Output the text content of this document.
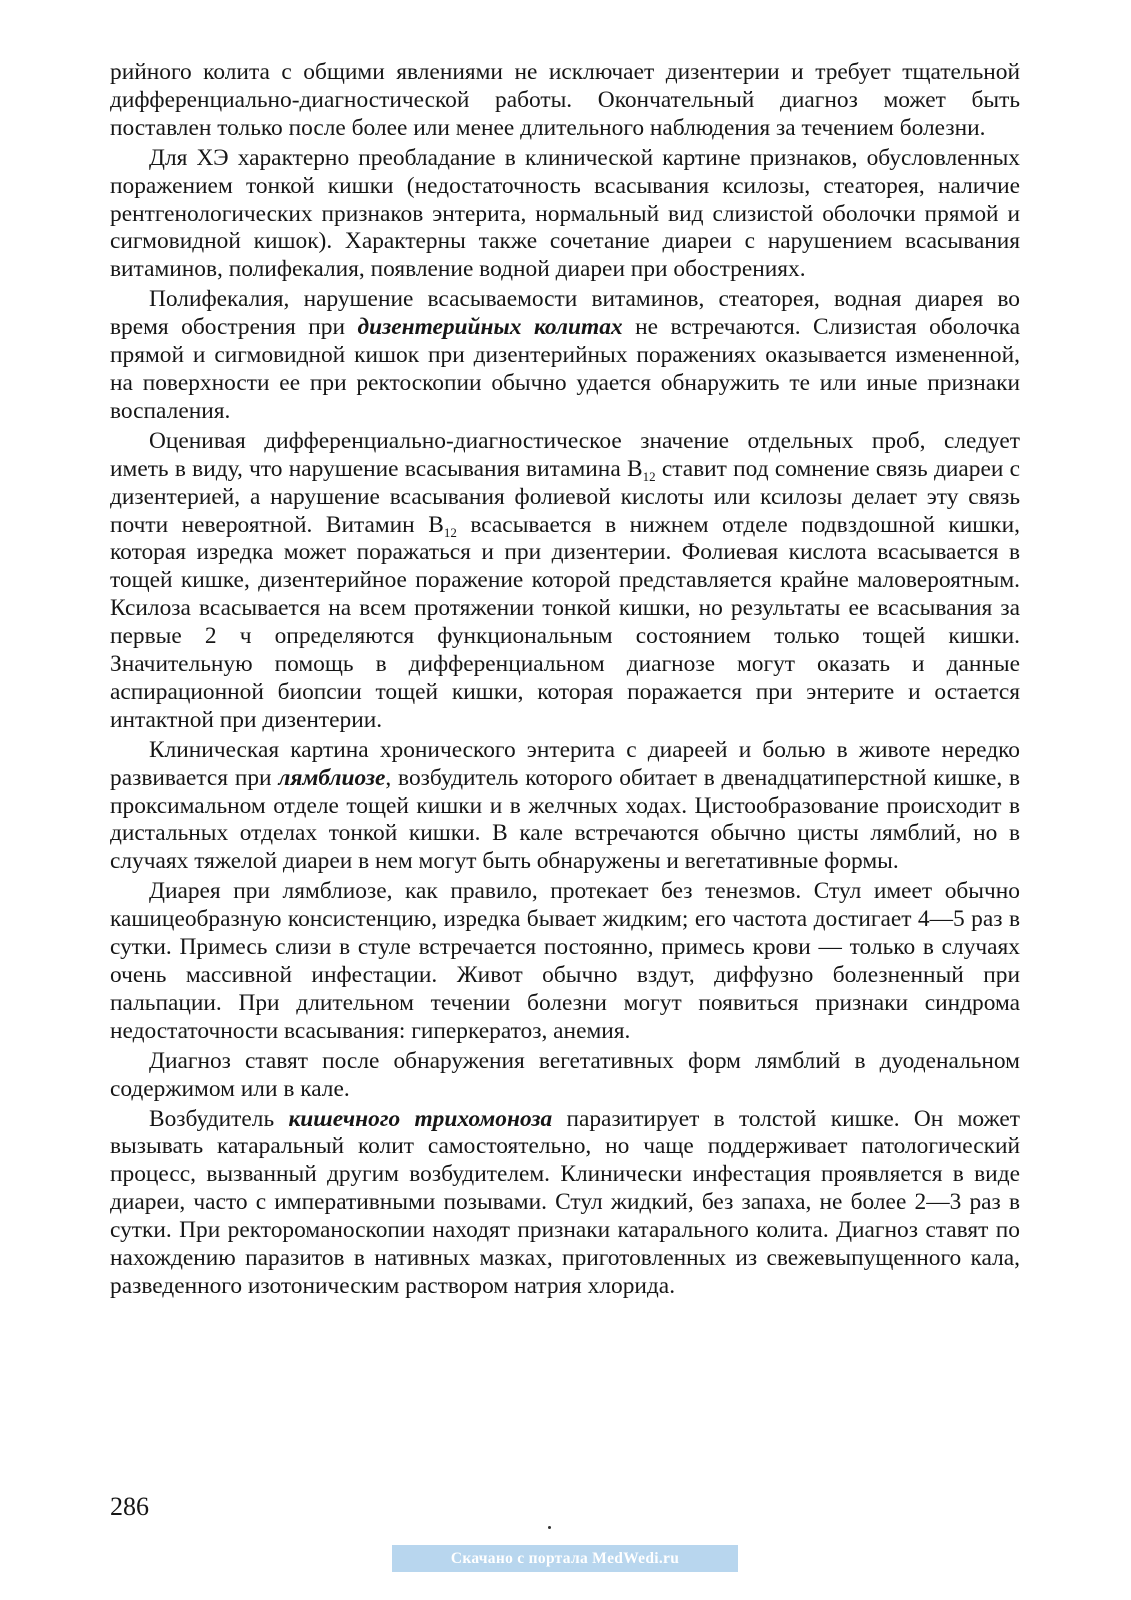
рийного колита с общими явлениями не исключает дизентерии и требует тщательной дифференциально-диагностической работы. Окончательный диагноз может быть поставлен только после более или менее длительного наблюдения за течением болезни.

Для ХЭ характерно преобладание в клинической картине признаков, обусловленных поражением тонкой кишки (недостаточность всасывания ксилозы, стеаторея, наличие рентгенологических признаков энтерита, нормальный вид слизистой оболочки прямой и сигмовидной кишок). Характерны также сочетание диареи с нарушением всасывания витаминов, полифекалия, появление водной диареи при обострениях.

Полифекалия, нарушение всасываемости витаминов, стеаторея, водная диарея во время обострения при дизентерийных колитах не встречаются. Слизистая оболочка прямой и сигмовидной кишок при дизентерийных поражениях оказывается измененной, на поверхности ее при ректоскопии обычно удается обнаружить те или иные признаки воспаления.

Оценивая дифференциально-диагностическое значение отдельных проб, следует иметь в виду, что нарушение всасывания витамина $В_{12}$ ставит под сомнение связь диареи с дизентерией, а нарушение всасывания фолиевой кислоты или ксилозы делает эту связь почти невероятной. Витамин $В_{12}$ всасывается в нижнем отделе подвздошной кишки, которая изредка может поражаться и при дизентерии. Фолиевая кислота всасывается в тощей кишке, дизентерийное поражение которой представляется крайне маловероятным. Ксилоза всасывается на всем протяжении тонкой кишки, но результаты ее всасывания за первые 2 ч определяются функциональным состоянием только тощей кишки. Значительную помощь в дифференциальном диагнозе могут оказать и данные аспирационной биопсии тощей кишки, которая поражается при энтерите и остается интактной при дизентерии.

Клиническая картина хронического энтерита с диареей и болью в животе нередко развивается при лямблиозе, возбудитель которого обитает в двенадцатиперстной кишке, в проксимальном отделе тощей кишки и в желчных ходах. Цистообразование происходит в дистальных отделах тонкой кишки. В кале встречаются обычно цисты лямблий, но в случаях тяжелой диареи в нем могут быть обнаружены и вегетативные формы.

Диарея при лямблиозе, как правило, протекает без тенезмов. Стул имеет обычно кашицеобразную консистенцию, изредка бывает жидким; его частота достигает 4—5 раз в сутки. Примесь слизи в стуле встречается постоянно, примесь крови — только в случаях очень массивной инфестации. Живот обычно вздут, диффузно болезненный при пальпации. При длительном течении болезни могут появиться признаки синдрома недостаточности всасывания: гиперкератоз, анемия.

Диагноз ставят после обнаружения вегетативных форм лямблий в дуоденальном содержимом или в кале.

Возбудитель кишечного трихомоноза паразитирует в толстой кишке. Он может вызывать катаральный колит самостоятельно, но чаще поддерживает патологический процесс, вызванный другим возбудителем. Клинически инфестация проявляется в виде диареи, часто с императивными позывами. Стул жидкий, без запаха, не более 2—3 раз в сутки. При ректороманоскопии находят признаки катарального колита. Диагноз ставят по нахождению паразитов в нативных мазках, приготовленных из свежевыпущенного кала, разведенного изотоническим раствором натрия хлорида.

286
Скачано с портала MedWedi.ru
